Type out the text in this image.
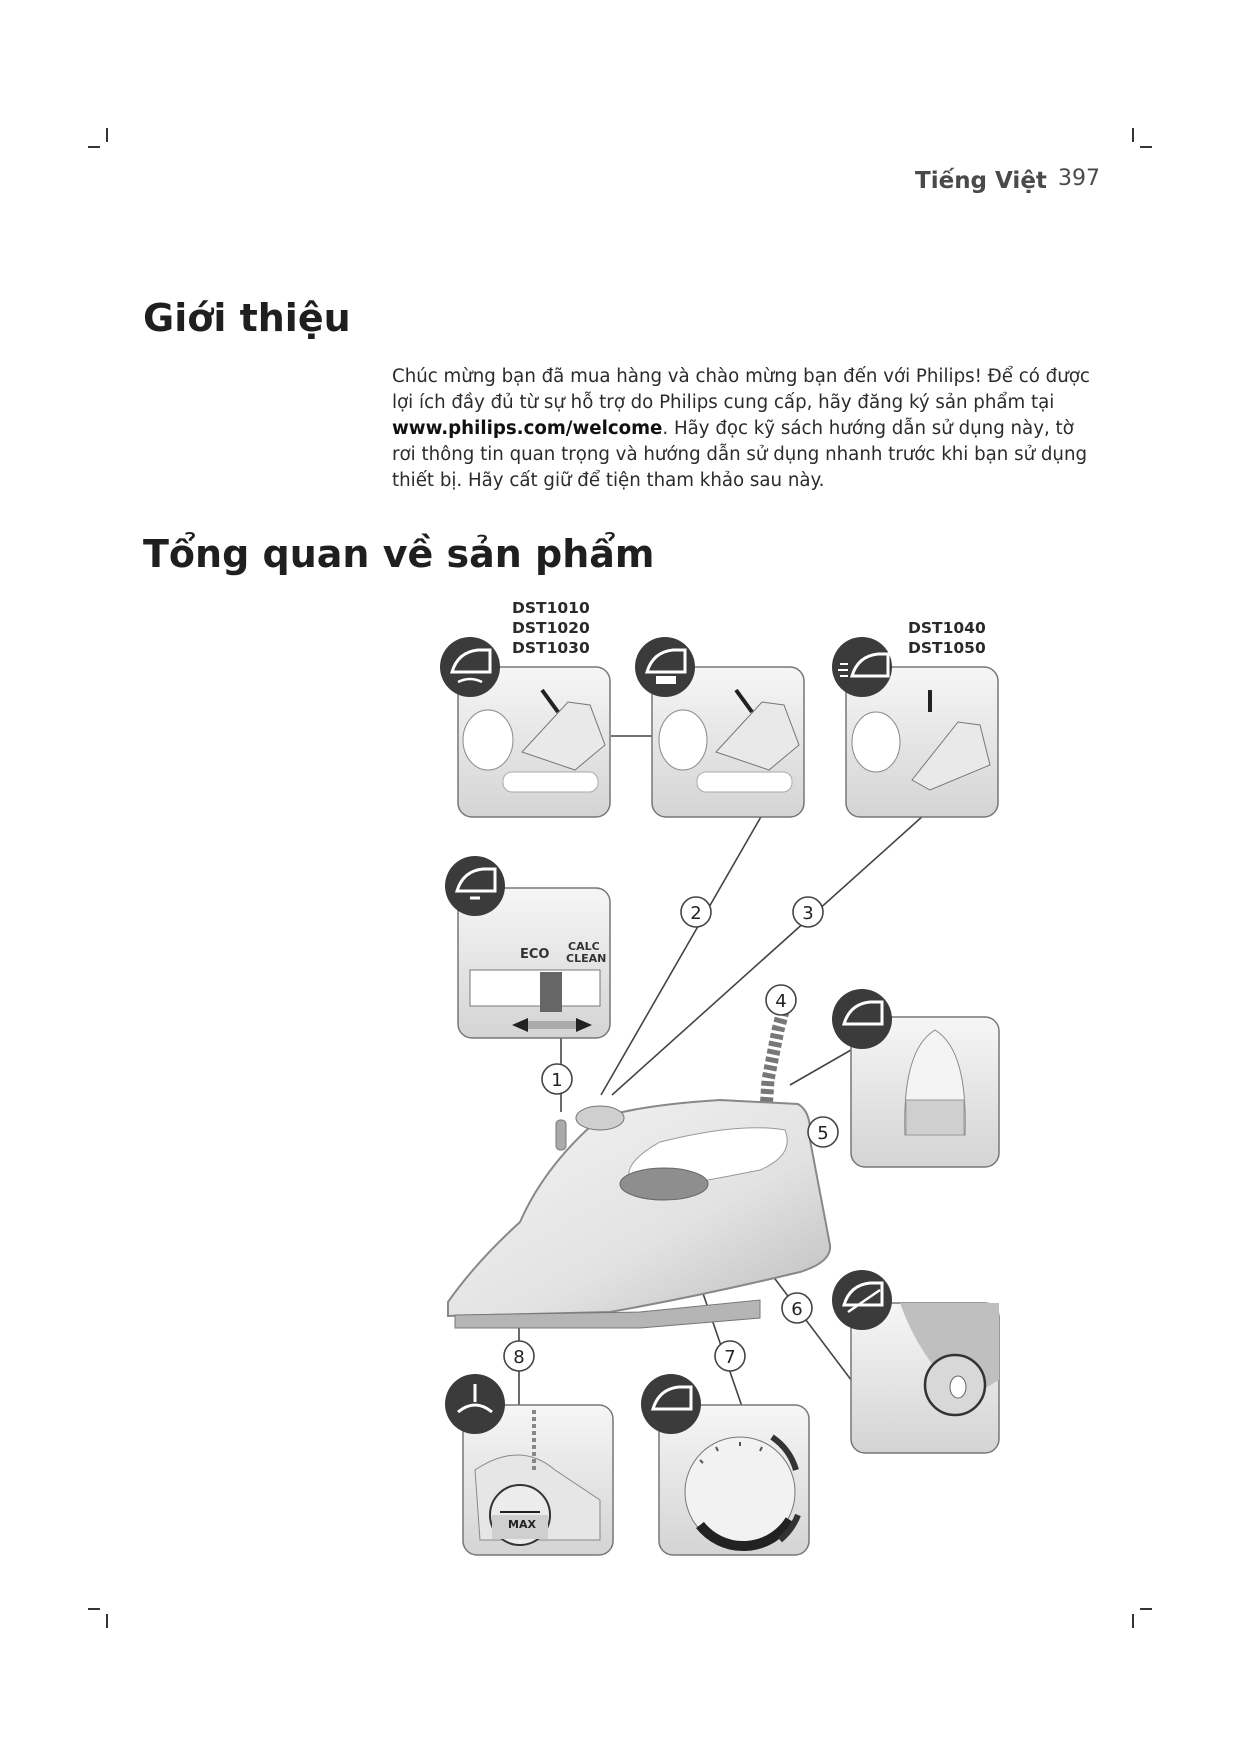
Tiếng Việt 397
Giới thiệu

Chúc mừng bạn đã mua hàng và chào mừng bạn đến với Philips! Để có được lợi ích đầy đủ từ sự hỗ trợ do Philips cung cấp, hãy đăng ký sản phẩm tại www.philips.com/welcome. Hãy đọc kỹ sách hướng dẫn sử dụng này, tờ rơi thông tin quan trọng và hướng dẫn sử dụng nhanh trước khi bạn sử dụng thiết bị. Hãy cất giữ để tiện tham khảo sau này.

Tổng quan về sản phẩm
DST1010
DST1020
DST1030
DST1040
DST1050
ECO
CALC
CLEAN
MAX
1
2	3
4
5
6
7
8
